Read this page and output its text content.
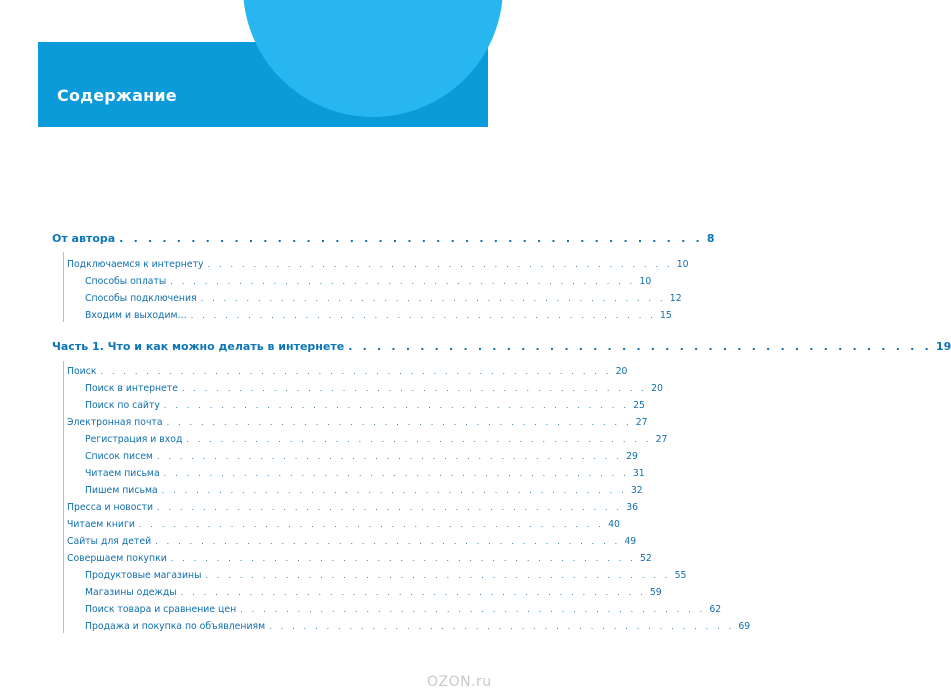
Содержание
От автора . . . . . . . . . . . . . . . . . . . . . . . . . . . . . . . . . . . . . . . . . 8
Подключаемся к интернету . . . . . . . . . . . . . . . . . . . . . . . . . . . . . . . . . . . . . . . . . 10
Способы оплаты . . . . . . . . . . . . . . . . . . . . . . . . . . . . . . . . . . . . . . . . . 10
Способы подключения . . . . . . . . . . . . . . . . . . . . . . . . . . . . . . . . . . . . . . . . . 12
Входим и выходим… . . . . . . . . . . . . . . . . . . . . . . . . . . . . . . . . . . . . . . . . . 15
Часть 1. Что и как можно делать в интернете . . . . . . . . . . . . . . . . . . . . . . . . . . . . . . . . . . . . . . . . . 19
Поиск . . . . . . . . . . . . . . . . . . . . . . . . . . . . . . . . . . . . . . . . . . . . . 20
Поиск в интернете . . . . . . . . . . . . . . . . . . . . . . . . . . . . . . . . . . . . . . . . . 20
Поиск по сайту . . . . . . . . . . . . . . . . . . . . . . . . . . . . . . . . . . . . . . . . . 25
Электронная почта . . . . . . . . . . . . . . . . . . . . . . . . . . . . . . . . . . . . . . . . . 27
Регистрация и вход . . . . . . . . . . . . . . . . . . . . . . . . . . . . . . . . . . . . . . . . . 27
Список писем . . . . . . . . . . . . . . . . . . . . . . . . . . . . . . . . . . . . . . . . . 29
Читаем письма . . . . . . . . . . . . . . . . . . . . . . . . . . . . . . . . . . . . . . . . . 31
Пишем письма . . . . . . . . . . . . . . . . . . . . . . . . . . . . . . . . . . . . . . . . . 32
Пресса и новости . . . . . . . . . . . . . . . . . . . . . . . . . . . . . . . . . . . . . . . . . 36
Читаем книги . . . . . . . . . . . . . . . . . . . . . . . . . . . . . . . . . . . . . . . . . 40
Сайты для детей . . . . . . . . . . . . . . . . . . . . . . . . . . . . . . . . . . . . . . . . . 49
Совершаем покупки . . . . . . . . . . . . . . . . . . . . . . . . . . . . . . . . . . . . . . . . . 52
Продуктовые магазины . . . . . . . . . . . . . . . . . . . . . . . . . . . . . . . . . . . . . . . . . 55
Магазины одежды . . . . . . . . . . . . . . . . . . . . . . . . . . . . . . . . . . . . . . . . . 59
Поиск товара и сравнение цен . . . . . . . . . . . . . . . . . . . . . . . . . . . . . . . . . . . . . . . . . 62
Продажа и покупка по объявлениям . . . . . . . . . . . . . . . . . . . . . . . . . . . . . . . . . . . . . . . . . 69
OZON.ru
